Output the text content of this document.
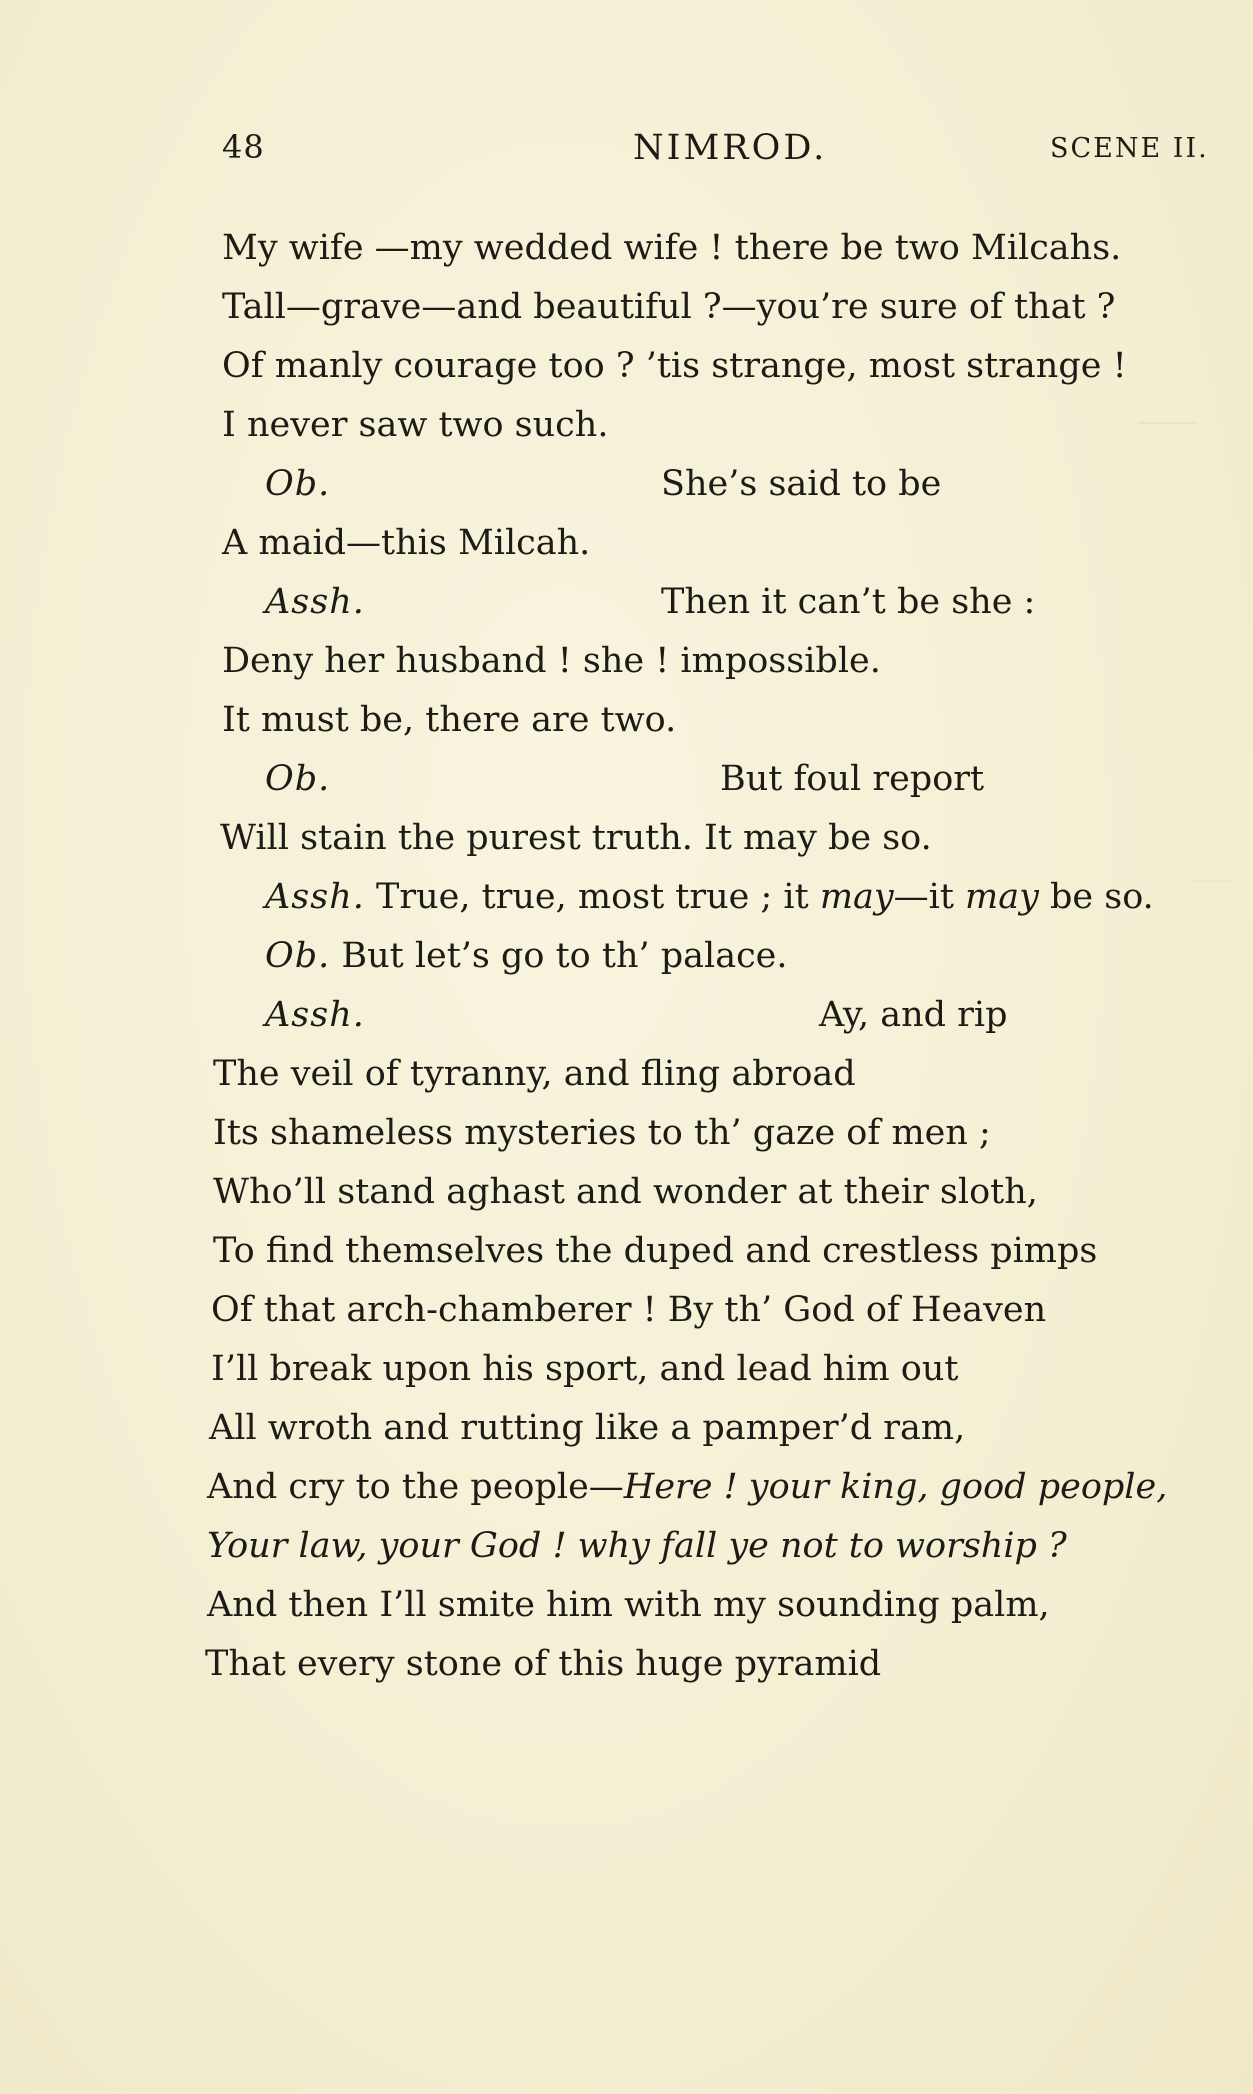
48	NIMROD.	SCENE II.
My wife —my wedded wife ! there be two Milcahs.
Tall—grave—and beautiful ?—you’re sure of that ?
Of manly courage too ? ’tis strange, most strange !
I never saw two such.
Ob.	She’s said to be
A maid—this Milcah.
Assh.	Then it can’t be she :
Deny her husband ! she ! impossible.
It must be, there are two.
Ob.	But foul report
Will stain the purest truth. It may be so.
Assh. True, true, most true ; it may—it may be so.
Ob. But let’s go to th’ palace.
Assh.	Ay, and rip
The veil of tyranny, and fling abroad
Its shameless mysteries to th’ gaze of men ;
Who’ll stand aghast and wonder at their sloth,
To find themselves the duped and crestless pimps
Of that arch-chamberer ! By th’ God of Heaven
I’ll break upon his sport, and lead him out
All wroth and rutting like a pamper’d ram,
And cry to the people—Here ! your king, good people,
Your law, your God ! why fall ye not to worship ?
And then I’ll smite him with my sounding palm,
That every stone of this huge pyramid
